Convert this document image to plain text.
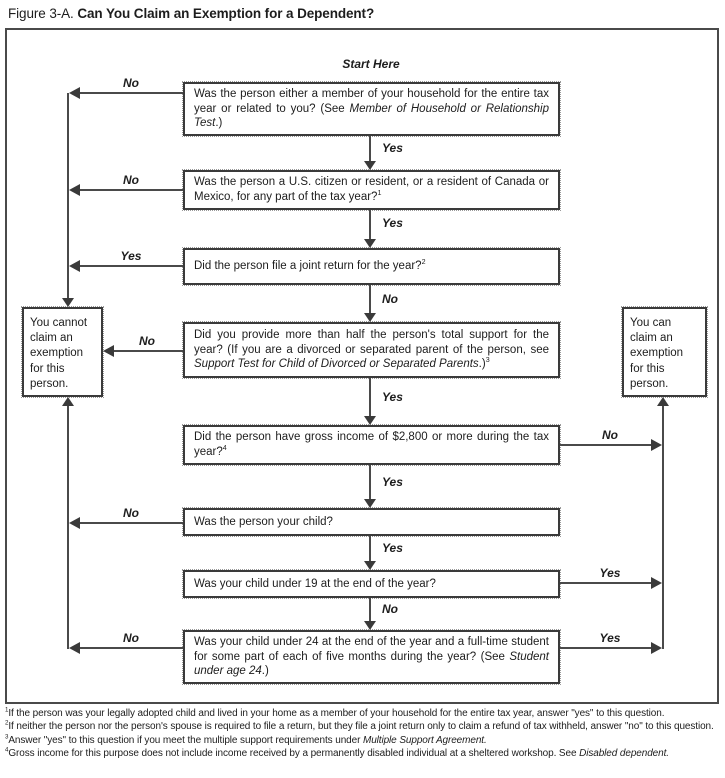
Figure 3-A. Can You Claim an Exemption for a Dependent?
Start Here
Was the person either a member of your household for the entire tax year or related to you? (See Member of Household or Relationship Test.)
Was the person a U.S. citizen or resident, or a resident of Canada or Mexico, for any part of the tax year?$^1$
Did the person file a joint return for the year?$^2$
Did you provide more than half the person's total support for the year? (If you are a divorced or separated parent of the person, see Support Test for Child of Divorced or Separated Parents.)$^3$
Did the person have gross income of $2,800 or more during the tax year?$^4$
Was the person your child?
Was your child under 19 at the end of the year?
Was your child under 24 at the end of the year and a full-time student for some part of each of five months during the year? (See Student under age 24.)
You cannot claim an exemption for this person.
You can claim an exemption for this person.
Yes
Yes
No
Yes
Yes
Yes
No
No
No
Yes
No
No
No
No
Yes
Yes

$^1$If the person was your legally adopted child and lived in your home as a member of your household for the entire tax year, answer "yes" to this question.

$^2$If neither the person nor the person's spouse is required to file a return, but they file a joint return only to claim a refund of tax withheld, answer "no" to this question.

$^3$Answer "yes" to this question if you meet the multiple support requirements under Multiple Support Agreement.

$^4$Gross income for this purpose does not include income received by a permanently disabled individual at a sheltered workshop. See Disabled dependent.
